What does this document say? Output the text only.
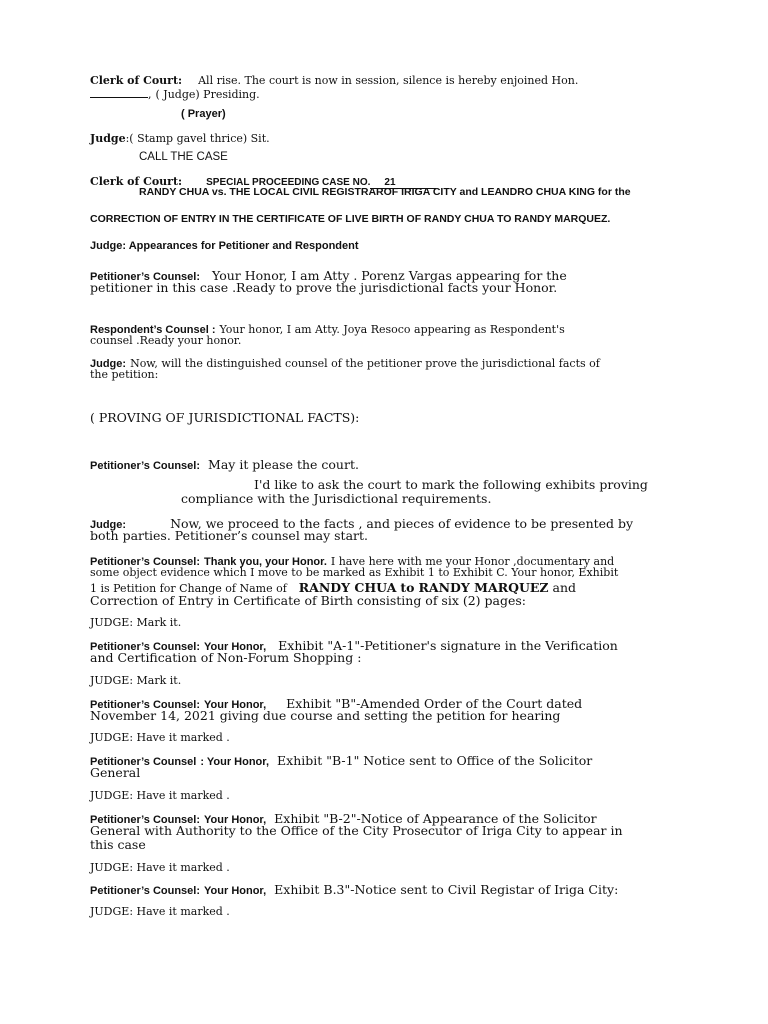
Clerk of Court: All rise. The court is now in session, silence is hereby enjoined Hon.
, ( Judge) Presiding.
( Prayer)
Judge:( Stamp gavel thrice) Sit.
CALL THE CASE
Clerk of Court: SPECIAL PROCEEDING CASE NO. 21
RANDY CHUA vs. THE LOCAL CIVIL REGISTRAROF IRIGA CITY and LEANDRO CHUA KING for the
CORRECTION OF ENTRY IN THE CERTIFICATE OF LIVE BIRTH OF RANDY CHUA TO RANDY MARQUEZ.
Judge: Appearances for Petitioner and Respondent
Petitioner’s Counsel: Your Honor, I am Atty . Porenz Vargas appearing for the
petitioner in this case .Ready to prove the jurisdictional facts your Honor.
Respondent’s Counsel : Your honor, I am Atty. Joya Resoco appearing as Respondent's
counsel .Ready your honor.
Judge: Now, will the distinguished counsel of the petitioner prove the jurisdictional facts of
the petition:
( PROVING OF JURISDICTIONAL FACTS):
Petitioner’s Counsel: May it please the court.
I'd like to ask the court to mark the following exhibits proving
compliance with the Jurisdictional requirements.
Judge:	Now, we proceed to the facts , and pieces of evidence to be presented by
both parties. Petitioner’s counsel may start.
Petitioner’s Counsel: Thank you, your Honor. I have here with me your Honor ,documentary and
some object evidence which I move to be marked as Exhibit 1 to Exhibit C. Your honor, Exhibit
1 is Petition for Change of Name of RANDY CHUA to RANDY MARQUEZ and
Correction of Entry in Certificate of Birth consisting of six (2) pages:
JUDGE: Mark it.
Petitioner’s Counsel: Your Honor, Exhibit "A-1"-Petitioner's signature in the Verification
and Certification of Non-Forum Shopping :
JUDGE: Mark it.
Petitioner’s Counsel: Your Honor, Exhibit "B"-Amended Order of the Court dated
November 14, 2021 giving due course and setting the petition for hearing
JUDGE: Have it marked .
Petitioner’s Counsel : Your Honor, Exhibit "B-1" Notice sent to Office of the Solicitor
General
JUDGE: Have it marked .
Petitioner’s Counsel: Your Honor, Exhibit "B-2"-Notice of Appearance of the Solicitor
General with Authority to the Office of the City Prosecutor of Iriga City to appear in
this case
JUDGE: Have it marked .
Petitioner’s Counsel: Your Honor, Exhibit B.3"-Notice sent to Civil Registar of Iriga City:
JUDGE: Have it marked .
